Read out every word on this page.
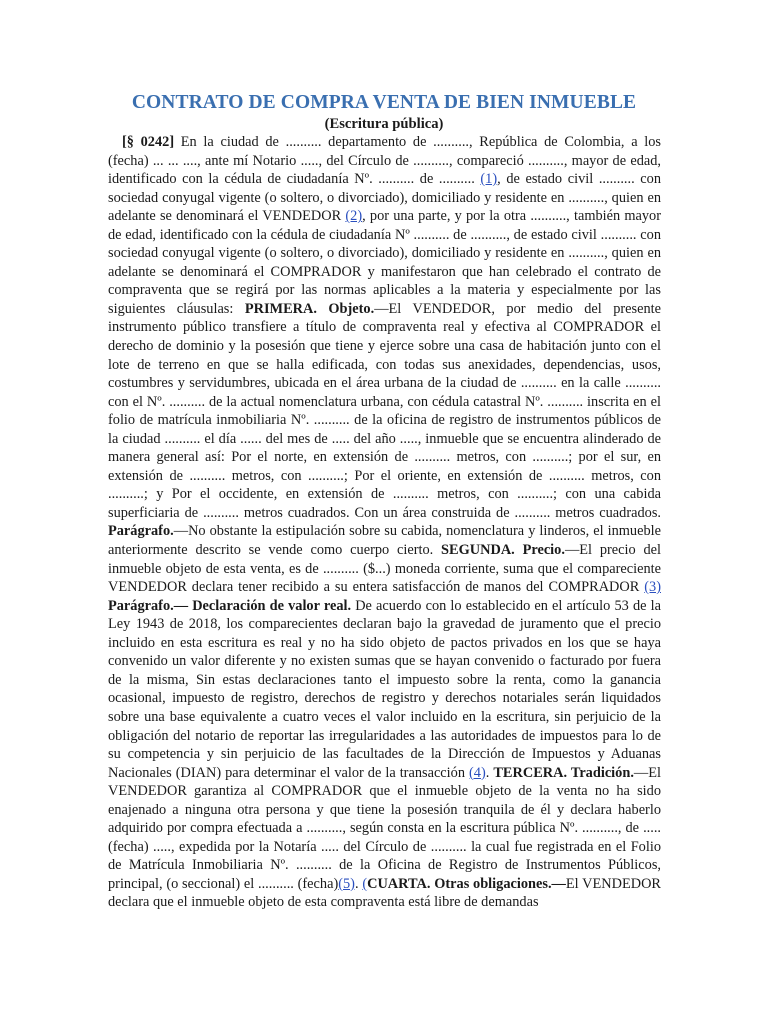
CONTRATO DE COMPRA VENTA DE BIEN INMUEBLE
(Escritura pública)

[§ 0242] En la ciudad de .......... departamento de .........., República de Colombia, a los (fecha) ... ... ...., ante mí Notario ....., del Círculo de .........., compareció .........., mayor de edad, identificado con la cédula de ciudadanía Nº. .......... de .......... (1), de estado civil .......... con sociedad conyugal vigente (o soltero, o divorciado), domiciliado y residente en .........., quien en adelante se denominará el VENDEDOR (2), por una parte, y por la otra .........., también mayor de edad, identificado con la cédula de ciudadanía Nº .......... de .........., de estado civil .......... con sociedad conyugal vigente (o soltero, o divorciado), domiciliado y residente en .........., quien en adelante se denominará el COMPRADOR y manifestaron que han celebrado el contrato de compraventa que se regirá por las normas aplicables a la materia y especialmente por las siguientes cláusulas: PRIMERA. Objeto.—El VENDEDOR, por medio del presente instrumento público transfiere a título de compraventa real y efectiva al COMPRADOR el derecho de dominio y la posesión que tiene y ejerce sobre una casa de habitación junto con el lote de terreno en que se halla edificada, con todas sus anexidades, dependencias, usos, costumbres y servidumbres, ubicada en el área urbana de la ciudad de .......... en la calle .......... con el Nº. .......... de la actual nomenclatura urbana, con cédula catastral Nº. .......... inscrita en el folio de matrícula inmobiliaria Nº. .......... de la oficina de registro de instrumentos públicos de la ciudad .......... el día ...... del mes de ..... del año ....., inmueble que se encuentra alinderado de manera general así: Por el norte, en extensión de .......... metros, con ..........; por el sur, en extensión de .......... metros, con ..........; Por el oriente, en extensión de .......... metros, con ..........; y Por el occidente, en extensión de .......... metros, con ..........; con una cabida superficiaria de .......... metros cuadrados. Con un área construida de .......... metros cuadrados. Parágrafo.—No obstante la estipulación sobre su cabida, nomenclatura y linderos, el inmueble anteriormente descrito se vende como cuerpo cierto. SEGUNDA. Precio.—El precio del inmueble objeto de esta venta, es de .......... ($...) moneda corriente, suma que el compareciente VENDEDOR declara tener recibido a su entera satisfacción de manos del COMPRADOR (3) Parágrafo.— Declaración de valor real. De acuerdo con lo establecido en el artículo 53 de la Ley 1943 de 2018, los comparecientes declaran bajo la gravedad de juramento que el precio incluido en esta escritura es real y no ha sido objeto de pactos privados en los que se haya convenido un valor diferente y no existen sumas que se hayan convenido o facturado por fuera de la misma, Sin estas declaraciones tanto el impuesto sobre la renta, como la ganancia ocasional, impuesto de registro, derechos de registro y derechos notariales serán liquidados sobre una base equivalente a cuatro veces el valor incluido en la escritura, sin perjuicio de la obligación del notario de reportar las irregularidades a las autoridades de impuestos para lo de su competencia y sin perjuicio de las facultades de la Dirección de Impuestos y Aduanas Nacionales (DIAN) para determinar el valor de la transacción (4). TERCERA. Tradición.—El VENDEDOR garantiza al COMPRADOR que el inmueble objeto de la venta no ha sido enajenado a ninguna otra persona y que tiene la posesión tranquila de él y declara haberlo adquirido por compra efectuada a .........., según consta en la escritura pública Nº. .........., de ..... (fecha) ....., expedida por la Notaría ..... del Círculo de .......... la cual fue registrada en el Folio de Matrícula Inmobiliaria Nº. .......... de la Oficina de Registro de Instrumentos Públicos, principal, (o seccional) el .......... (fecha)(5). (CUARTA. Otras obligaciones.—El VENDEDOR declara que el inmueble objeto de esta compraventa está libre de demandas
